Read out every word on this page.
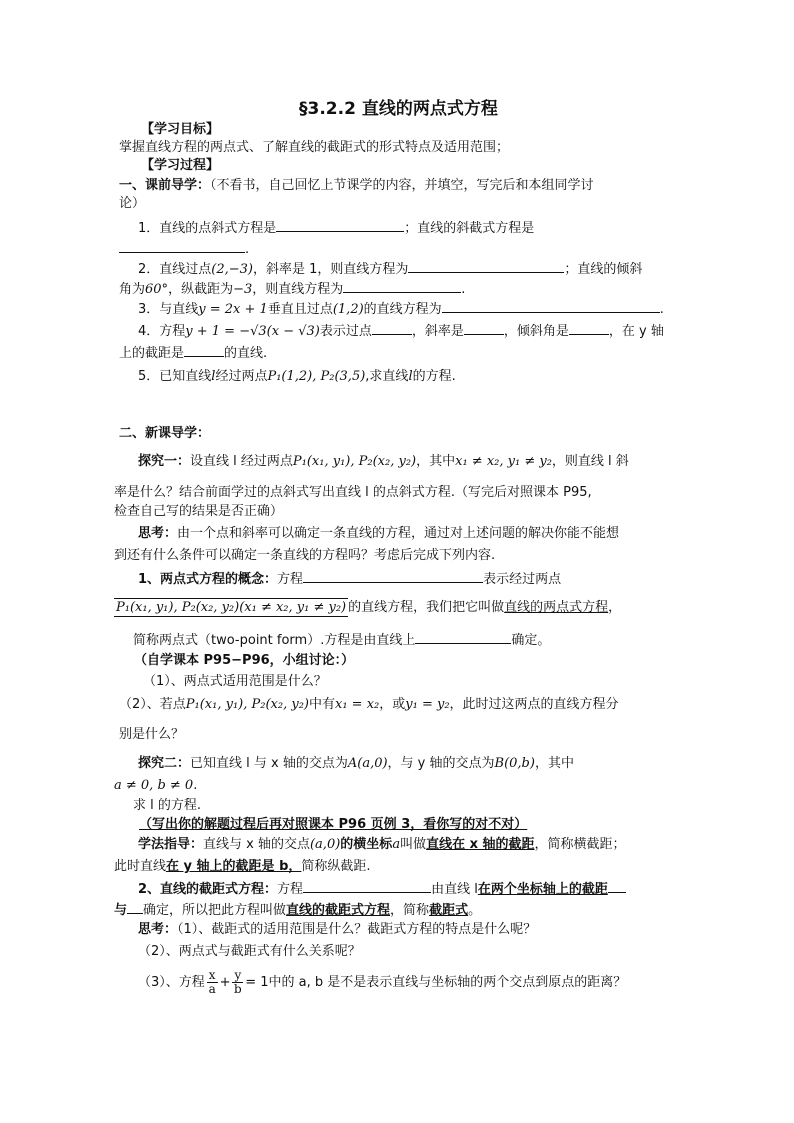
§3.2.2 直线的两点式方程
【学习目标】
掌握直线方程的两点式、了解直线的截距式的形式特点及适用范围；
【学习过程】
一、课前导学：（不看书，自己回忆上节课学的内容，并填空，写完后和本组同学讨
论）
1．直线的点斜式方程是	；直线的斜截式方程是
.
2．直线过点(2,−3)，斜率是 1，则直线方程为	；直线的倾斜
角为60°，纵截距为−3，则直线方程为	.
3．与直线y = 2x + 1垂直且过点(1,2)的直线方程为	.
4．方程y + 1 = −√3(x − √3)表示过点	，斜率是	，倾斜角是	，在 y 轴
上的截距是	的直线.
5．已知直线l经过两点P₁(1,2), P₂(3,5),求直线l的方程.
二、新课导学：
探究一：设直线 l 经过两点P₁(x₁, y₁), P₂(x₂, y₂)，其中x₁ ≠ x₂, y₁ ≠ y₂，则直线 l 斜
率是什么？结合前面学过的点斜式写出直线 l 的点斜式方程.（写完后对照课本 P95,
检查自己写的结果是否正确）
思考：由一个点和斜率可以确定一条直线的方程，通过对上述问题的解决你能不能想
到还有什么条件可以确定一条直线的方程吗？考虑后完成下列内容.
1、两点式方程的概念：方程	表示经过两点
P₁(x₁, y₁), P₂(x₂, y₂)(x₁ ≠ x₂, y₁ ≠ y₂) 的直线方程，我们把它叫做直线的两点式方程，
简称两点式（two-point form）.方程是由直线上	确定。
（自学课本 P95−P96，小组讨论：）
（1）、两点式适用范围是什么？
（2）、若点P₁(x₁, y₁), P₂(x₂, y₂)中有x₁ = x₂，或y₁ = y₂，此时过这两点的直线方程分
别是什么？
探究二：已知直线 l 与 x 轴的交点为A(a,0)，与 y 轴的交点为B(0,b)，其中
a ≠ 0, b ≠ 0.
求 l 的方程.
（写出你的解题过程后再对照课本 P96 页例 3，看你写的对不对）
学法指导：直线与 x 轴的交点(a,0)的横坐标a叫做直线在 x 轴的截距，简称横截距；
此时直线在 y 轴上的截距是 b，简称纵截距.
2、直线的截距式方程：方程	由直线 l在两个坐标轴上的截距
与 确定，所以把此方程叫做直线的截距式方程，简称截距式。
思考：（1）、截距式的适用范围是什么？截距式方程的特点是什么呢？
（2）、两点式与截距式有什么关系呢？
（3）、方程 $\frac{x}{a} + \frac{y}{b} = 1$中的 a, b 是不是表示直线与坐标轴的两个交点到原点的距离？
